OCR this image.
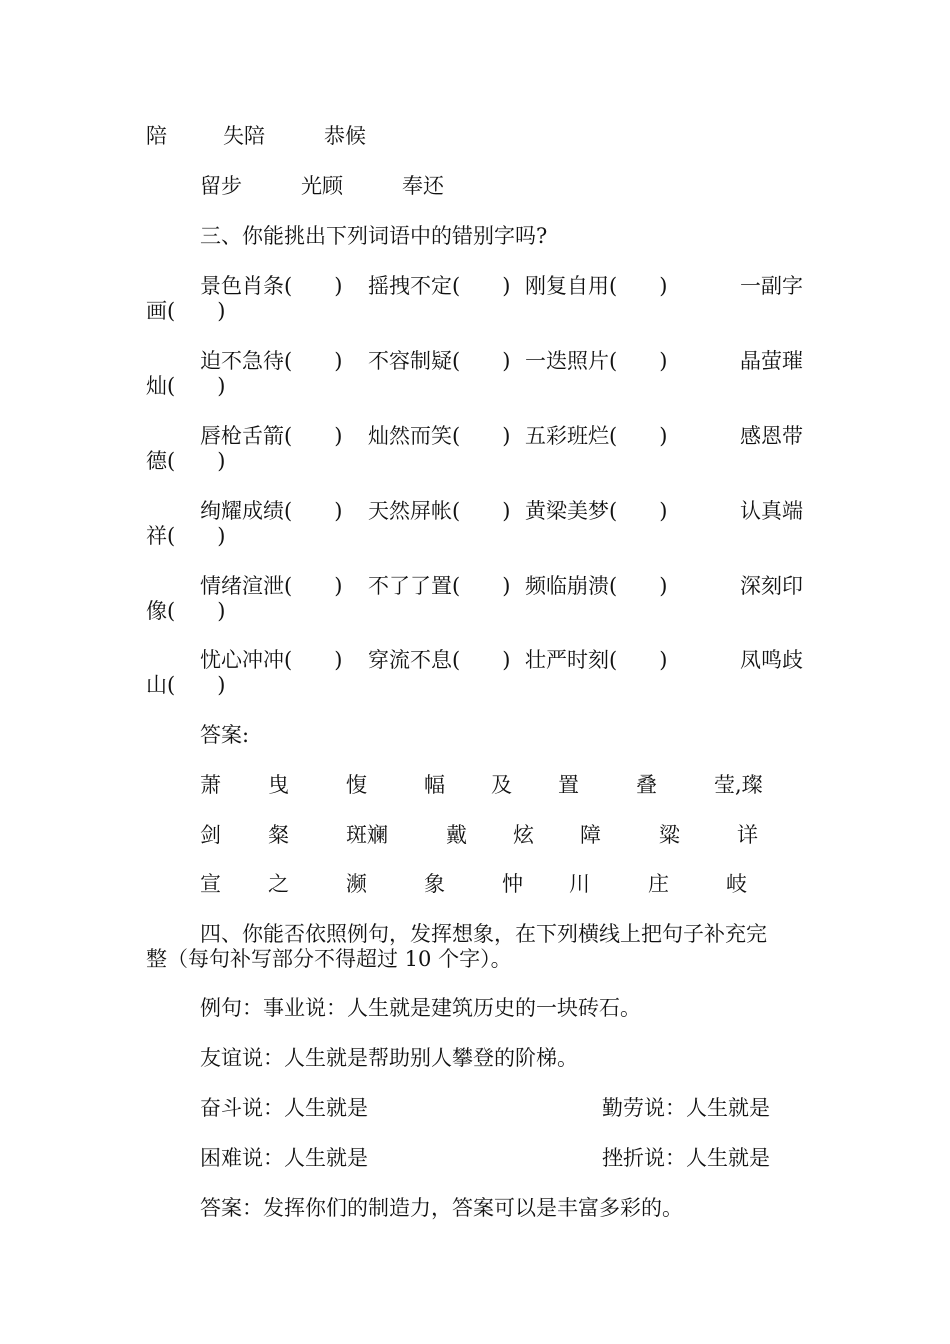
陪	失陪	恭候
留步	光顾	奉还
三、你能挑出下列词语中的错别字吗?
景色肖条(　　) 摇拽不定(　　) 刚复自用(　　)	一副字
画(　　)
迫不急待(　　) 不容制疑(　　) 一迭照片(　　)	晶萤璀
灿(　　)
唇枪舌箭(　　) 灿然而笑(　　) 五彩班烂(　　)	感恩带
德(　　)
绚耀成绩(　　) 天然屏帐(　　) 黄梁美梦(　　)	认真端
祥(　　)
情绪渲泄(　　) 不了了置(　　) 频临崩溃(　　)	深刻印
像(　　)
忧心冲冲(　　) 穿流不息(　　) 壮严时刻(　　)	凤鸣歧
山(　　)
答案:
萧 曳	愎	幅 及 置	叠	莹,璨
剑 粲	斑斓	戴 炫 障	粱	详
宣 之	濒	象	忡 川	庄	岐
四、你能否依照例句，发挥想象，在下列横线上把句子补充完
整（每句补写部分不得超过 10 个字）。
例句：事业说：人生就是建筑历史的一块砖石。
友谊说：人生就是帮助别人攀登的阶梯。
奋斗说：人生就是	勤劳说：人生就是
困难说：人生就是	挫折说：人生就是
答案：发挥你们的制造力，答案可以是丰富多彩的。
